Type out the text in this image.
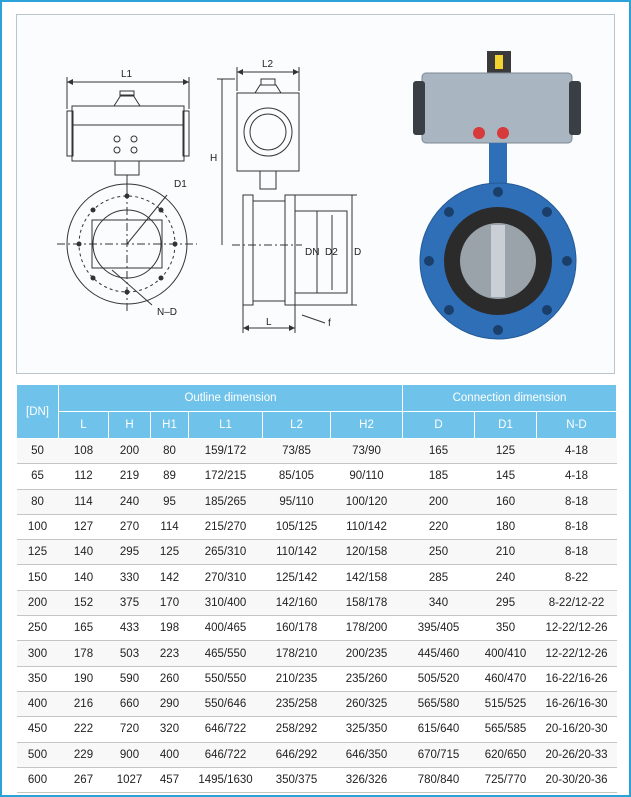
L1
L2
H
D1
N–D
DN D2 D
L	f
[DN]	Outline dimension						Connection dimension		
	L	H	H1	L1	L2	H2	D	D1	N-D
50	108	200	80	159/172	73/85	73/90	165	125	4-18
65	112	219	89	172/215	85/105	90/110	185	145	4-18
80	114	240	95	185/265	95/110	100/120	200	160	8-18
100	127	270	114	215/270	105/125	110/142	220	180	8-18
125	140	295	125	265/310	110/142	120/158	250	210	8-18
150	140	330	142	270/310	125/142	142/158	285	240	8-22
200	152	375	170	310/400	142/160	158/178	340	295	8-22/12-22
250	165	433	198	400/465	160/178	178/200	395/405	350	12-22/12-26
300	178	503	223	465/550	178/210	200/235	445/460	400/410	12-22/12-26
350	190	590	260	550/550	210/235	235/260	505/520	460/470	16-22/16-26
400	216	660	290	550/646	235/258	260/325	565/580	515/525	16-26/16-30
450	222	720	320	646/722	258/292	325/350	615/640	565/585	20-16/20-30
500	229	900	400	646/722	646/292	646/350	670/715	620/650	20-26/20-33
600	267	1027	457	1495/1630	350/375	326/326	780/840	725/770	20-30/20-36
